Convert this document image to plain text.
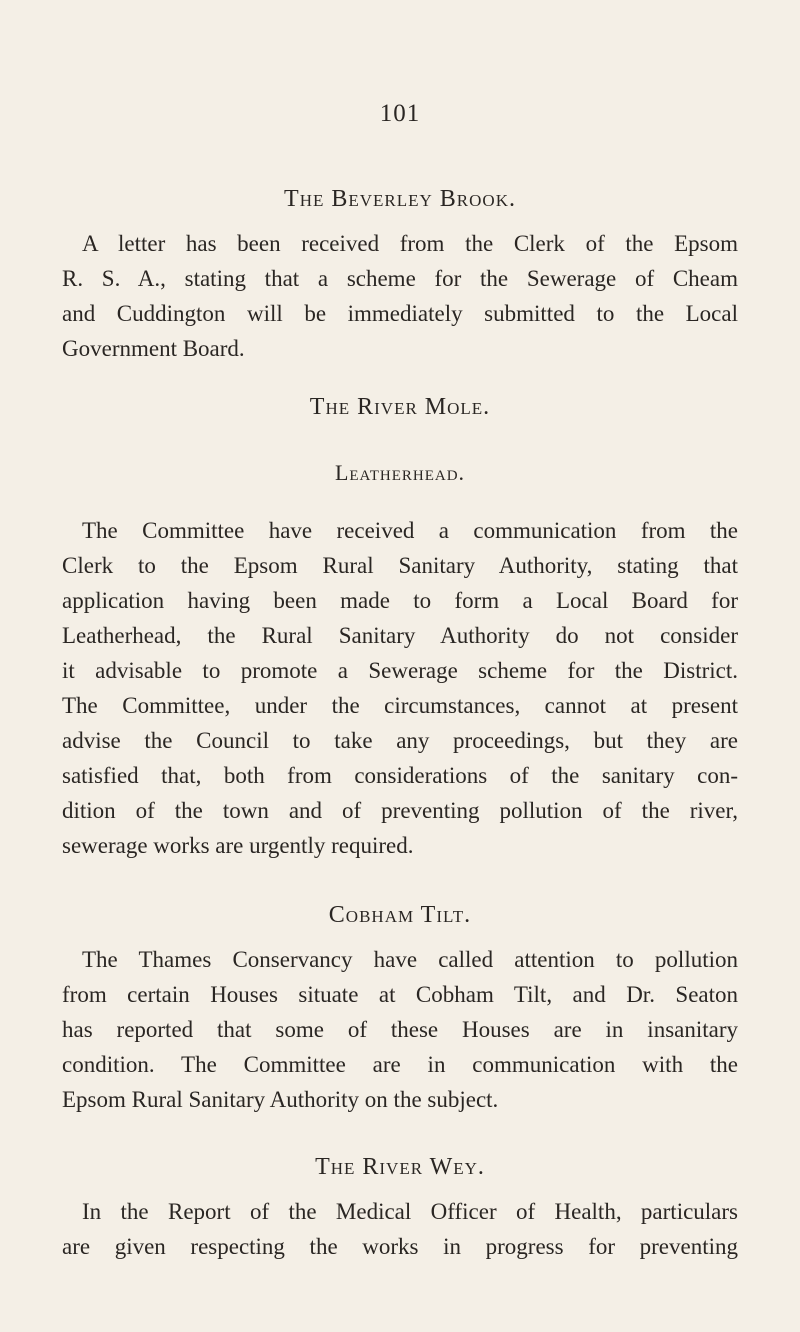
101
The Beverley Brook.
A letter has been received from the Clerk of the Epsom
R. S. A., stating that a scheme for the Sewerage of Cheam
and Cuddington will be immediately submitted to the Local
Government Board.
The River Mole.
Leatherhead.
The Committee have received a communication from the
Clerk to the Epsom Rural Sanitary Authority, stating that
application having been made to form a Local Board for
Leatherhead, the Rural Sanitary Authority do not consider
it advisable to promote a Sewerage scheme for the District.
The Committee, under the circumstances, cannot at present
advise the Council to take any proceedings, but they are
satisfied that, both from considerations of the sanitary con-
dition of the town and of preventing pollution of the river,
sewerage works are urgently required.
Cobham Tilt.
The Thames Conservancy have called attention to pollution
from certain Houses situate at Cobham Tilt, and Dr. Seaton
has reported that some of these Houses are in insanitary
condition. The Committee are in communication with the
Epsom Rural Sanitary Authority on the subject.
The River Wey.
In the Report of the Medical Officer of Health, particulars
are given respecting the works in progress for preventing
